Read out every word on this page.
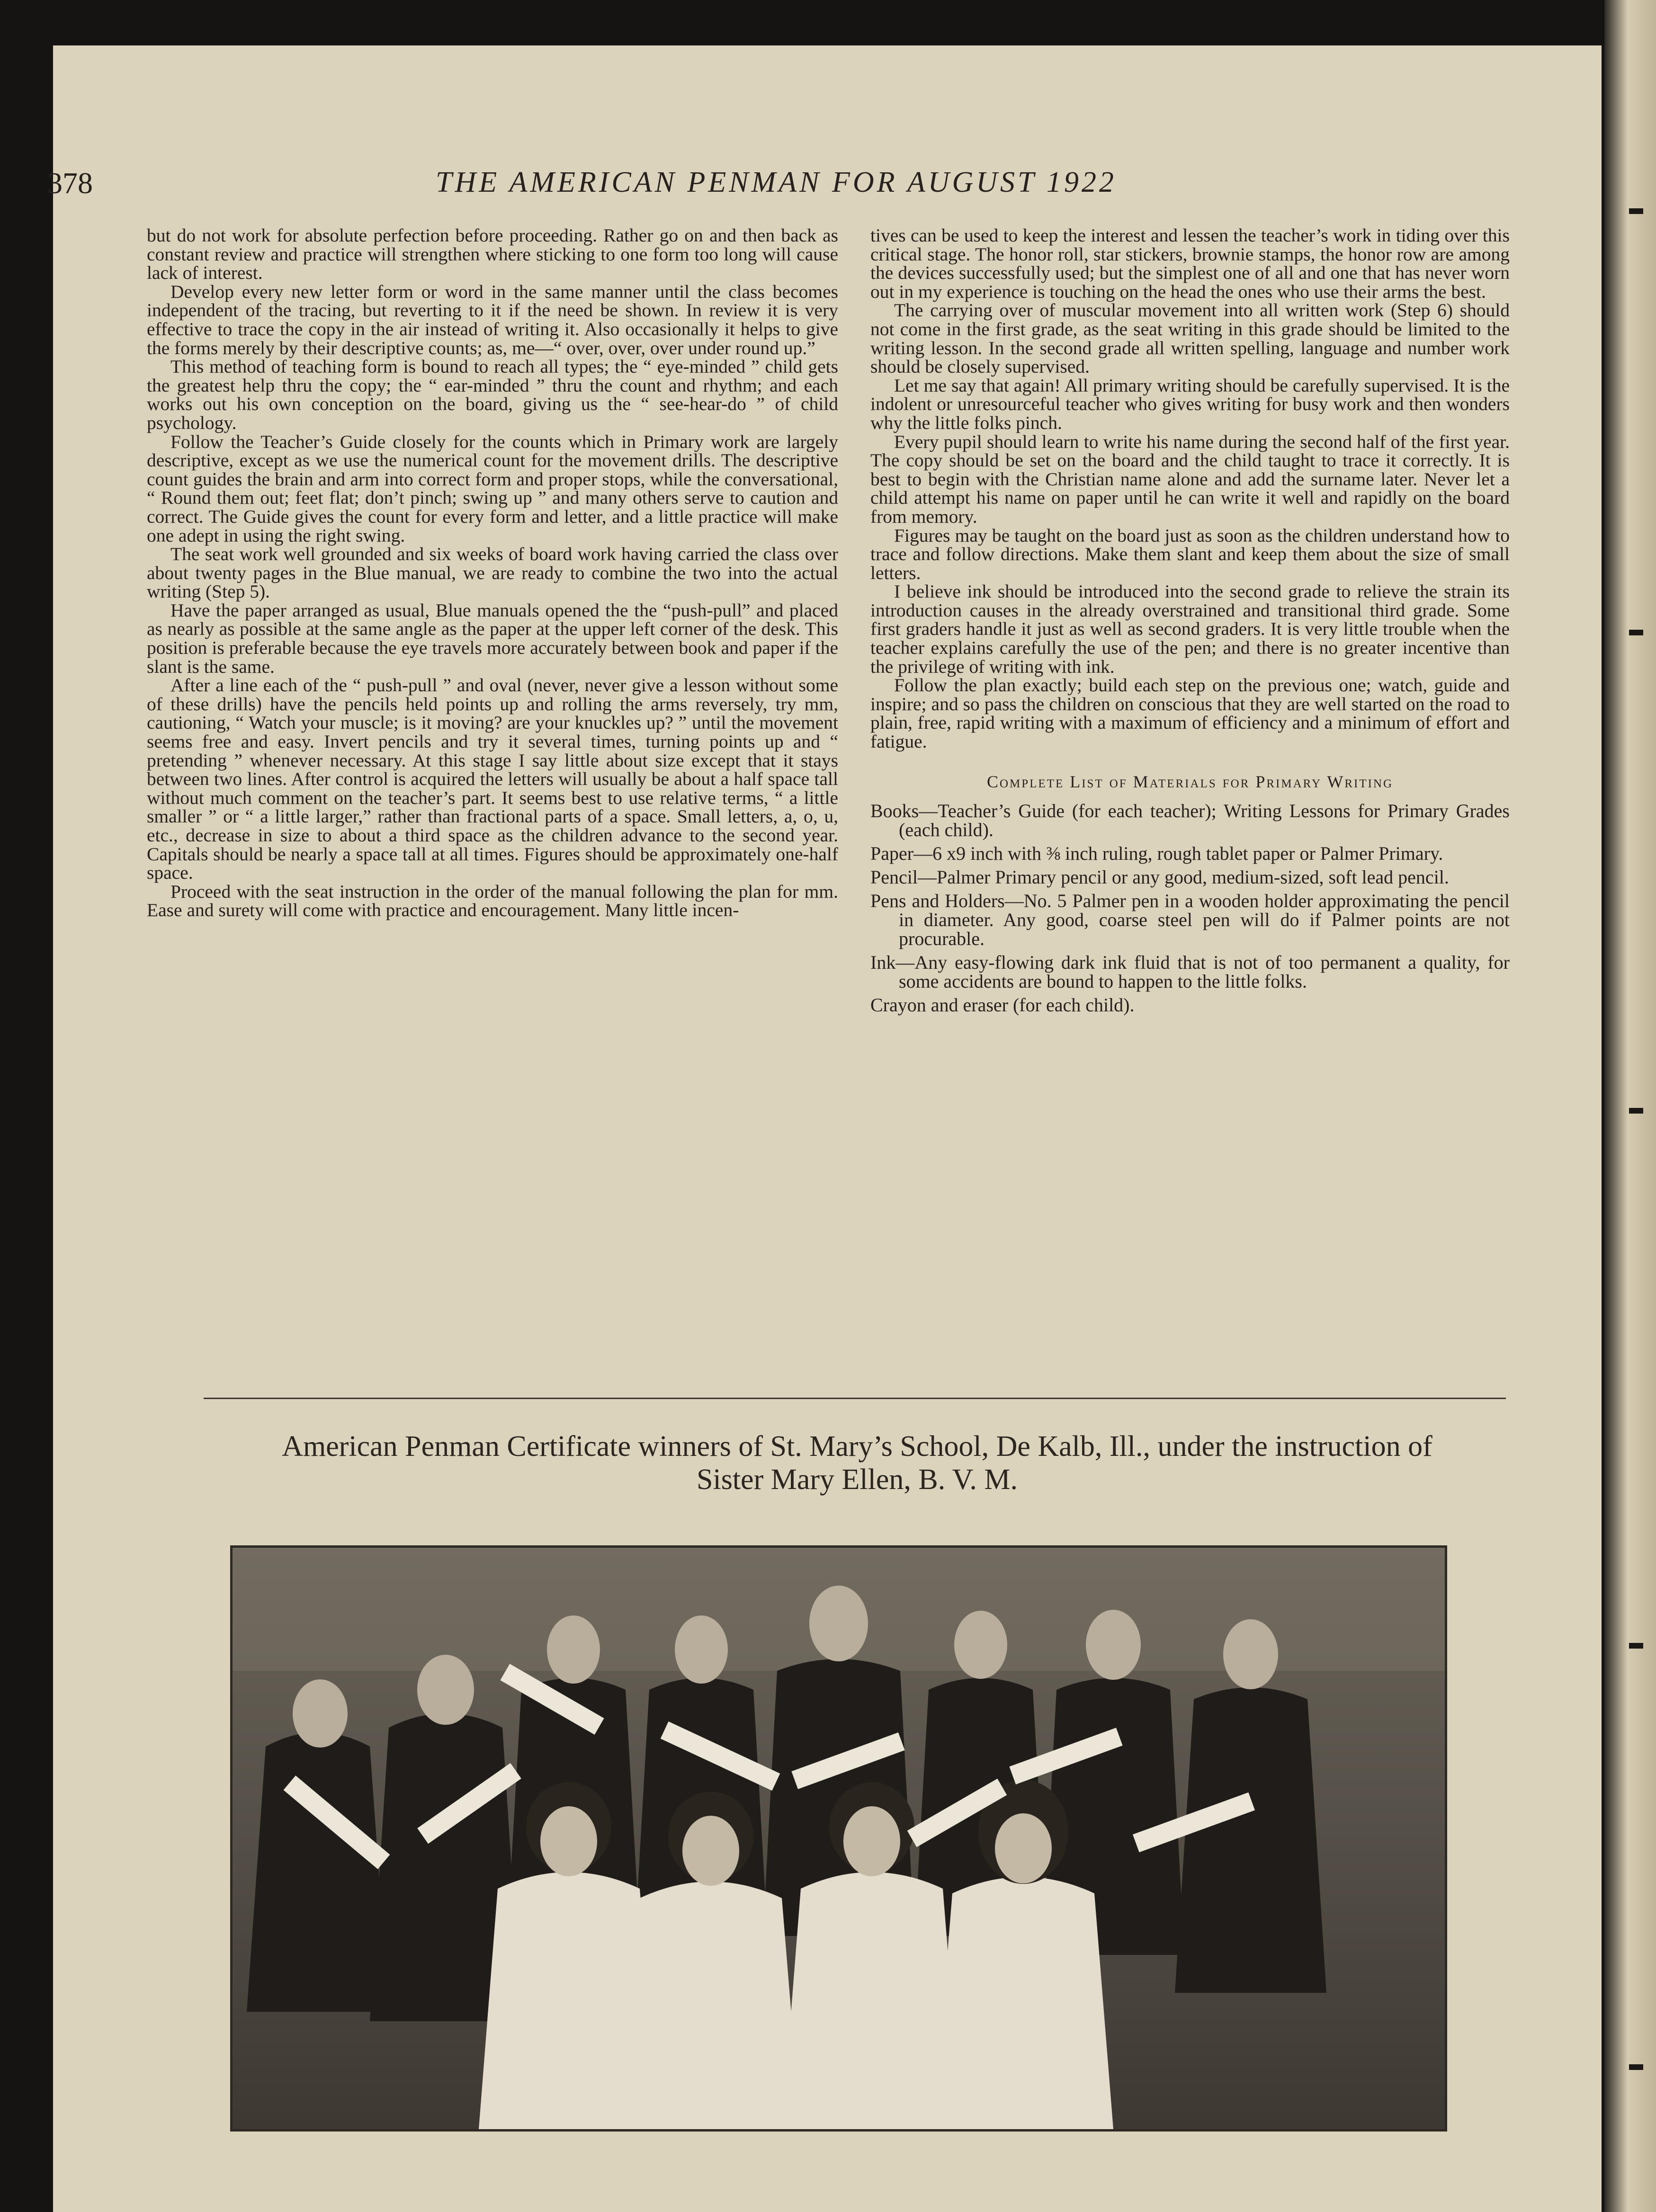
378	THE AMERICAN PENMAN FOR AUGUST 1922

but do not work for absolute perfection before proceeding. Rather go on and then back as constant review and practice will strengthen where sticking to one form too long will cause lack of interest.

Develop every new letter form or word in the same manner until the class becomes independent of the tracing, but reverting to it if the need be shown. In review it is very effective to trace the copy in the air instead of writing it. Also occasionally it helps to give the forms merely by their descriptive counts; as, me—“ over, over, over under round up.”

This method of teaching form is bound to reach all types; the “ eye-minded ” child gets the greatest help thru the copy; the “ ear-minded ” thru the count and rhythm; and each works out his own conception on the board, giving us the “ see-hear-do ” of child psychology.

Follow the Teacher’s Guide closely for the counts which in Primary work are largely descriptive, except as we use the numerical count for the movement drills. The descriptive count guides the brain and arm into correct form and proper stops, while the conversational, “ Round them out; feet flat; don’t pinch; swing up ” and many others serve to caution and correct. The Guide gives the count for every form and letter, and a little practice will make one adept in using the right swing.

The seat work well grounded and six weeks of board work having carried the class over about twenty pages in the Blue manual, we are ready to combine the two into the actual writing (Step 5).

Have the paper arranged as usual, Blue manuals opened the the “push-pull” and placed as nearly as possible at the same angle as the paper at the upper left corner of the desk. This position is preferable because the eye travels more accurately between book and paper if the slant is the same.

After a line each of the “ push-pull ” and oval (never, never give a lesson without some of these drills) have the pencils held points up and rolling the arms reversely, try mm, cautioning, “ Watch your muscle; is it moving? are your knuckles up? ” until the movement seems free and easy. Invert pencils and try it several times, turning points up and “ pretending ” whenever necessary. At this stage I say little about size except that it stays between two lines. After control is acquired the letters will usually be about a half space tall without much comment on the teacher’s part. It seems best to use relative terms, “ a little smaller ” or “ a little larger,” rather than fractional parts of a space. Small letters, a, o, u, etc., decrease in size to about a third space as the children advance to the second year. Capitals should be nearly a space tall at all times. Figures should be approximately one-half space.

Proceed with the seat instruction in the order of the manual following the plan for mm. Ease and surety will come with practice and encouragement. Many little incen-

tives can be used to keep the interest and lessen the teacher’s work in tiding over this critical stage. The honor roll, star stickers, brownie stamps, the honor row are among the devices successfully used; but the simplest one of all and one that has never worn out in my experience is touching on the head the ones who use their arms the best.

The carrying over of muscular movement into all written work (Step 6) should not come in the first grade, as the seat writing in this grade should be limited to the writing lesson. In the second grade all written spelling, language and number work should be closely supervised.

Let me say that again! All primary writing should be carefully supervised. It is the indolent or unresourceful teacher who gives writing for busy work and then wonders why the little folks pinch.

Every pupil should learn to write his name during the second half of the first year. The copy should be set on the board and the child taught to trace it correctly. It is best to begin with the Christian name alone and add the surname later. Never let a child attempt his name on paper until he can write it well and rapidly on the board from memory.

Figures may be taught on the board just as soon as the children understand how to trace and follow directions. Make them slant and keep them about the size of small letters.

I believe ink should be introduced into the second grade to relieve the strain its introduction causes in the already overstrained and transitional third grade. Some first graders handle it just as well as second graders. It is very little trouble when the teacher explains carefully the use of the pen; and there is no greater incentive than the privilege of writing with ink.

Follow the plan exactly; build each step on the previous one; watch, guide and inspire; and so pass the children on conscious that they are well started on the road to plain, free, rapid writing with a maximum of efficiency and a minimum of effort and fatigue.

Complete List of Materials for Primary Writing
Books—Teacher’s Guide (for each teacher); Writing Lessons for Primary Grades (each child).
Paper—6 x9 inch with ⅜ inch ruling, rough tablet paper or Palmer Primary.
Pencil—Palmer Primary pencil or any good, medium-sized, soft lead pencil.
Pens and Holders—No. 5 Palmer pen in a wooden holder approximating the pencil in diameter. Any good, coarse steel pen will do if Palmer points are not procurable.
Ink—Any easy-flowing dark ink fluid that is not of too permanent a quality, for some accidents are bound to happen to the little folks.
Crayon and eraser (for each child).
American Penman Certificate winners of St. Mary’s School, De Kalb, Ill., under the instruction of
Sister Mary Ellen, B. V. M.
